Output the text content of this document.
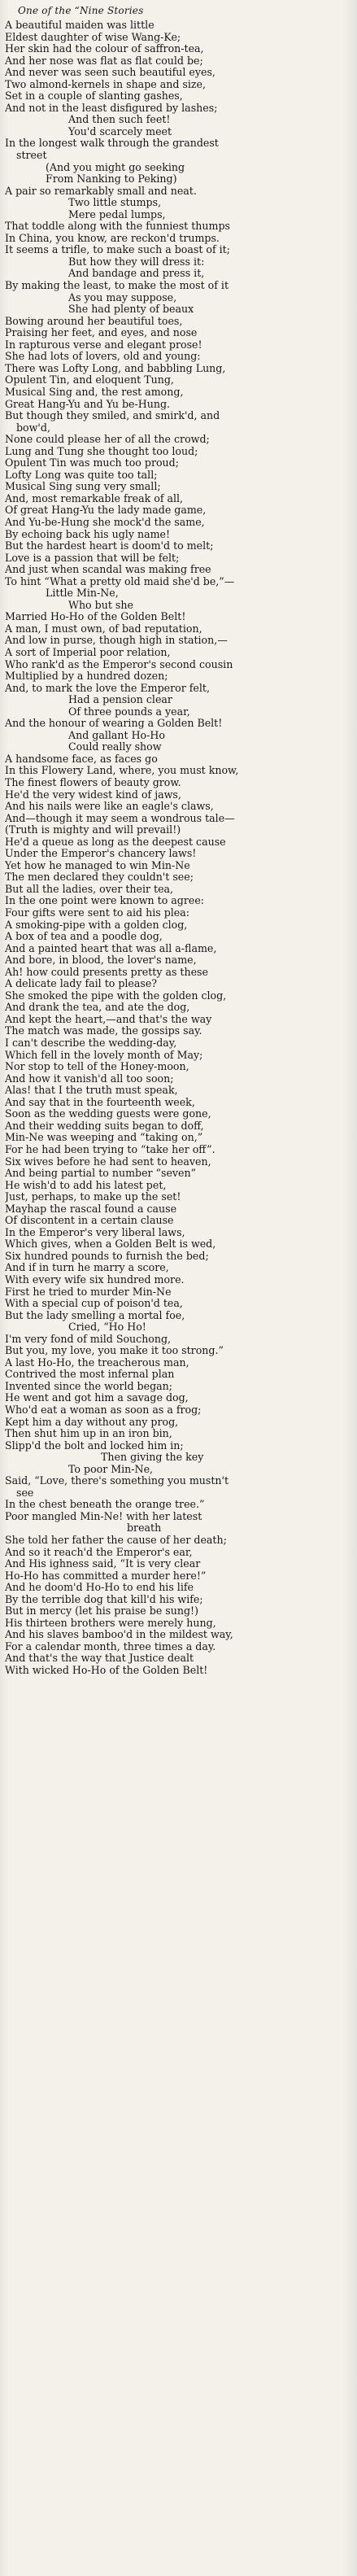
One of the “Nine Stories
A beautiful maiden was little
Eldest daughter of wise Wang-Ke;
Her skin had the colour of saffron-tea,
And her nose was flat as flat could be;
And never was seen such beautiful eyes,
Two almond-kernels in shape and size,
Set in a couple of slanting gashes,
And not in the least disfigured by lashes;
And then such feet!
You'd scarcely meet
In the longest walk through the grandest
street
(And you might go seeking
From Nanking to Peking)
A pair so remarkably small and neat.
Two little stumps,
Mere pedal lumps,
That toddle along with the funniest thumps
In China, you know, are reckon'd trumps.
It seems a trifle, to make such a boast of it;
But how they will dress it:
And bandage and press it,
By making the least, to make the most of it
As you may suppose,
She had plenty of beaux
Bowing around her beautiful toes,
Praising her feet, and eyes, and nose
In rapturous verse and elegant prose!
She had lots of lovers, old and young:
There was Lofty Long, and babbling Lung,
Opulent Tin, and eloquent Tung,
Musical Sing and, the rest among,
Great Hang-Yu and Yu be-Hung.
But though they smiled, and smirk'd, and
bow'd,
None could please her of all the crowd;
Lung and Tung she thought too loud;
Opulent Tin was much too proud;
Lofty Long was quite too tall;
Musical Sing sung very small;
And, most remarkable freak of all,
Of great Hang-Yu the lady made game,
And Yu-be-Hung she mock'd the same,
By echoing back his ugly name!
But the hardest heart is doom'd to melt;
Love is a passion that will be felt;
And just when scandal was making free
To hint “What a pretty old maid she'd be,”—
Little Min-Ne,
Who but she
Married Ho-Ho of the Golden Belt!
A man, I must own, of bad reputation,
And low in purse, though high in station,—
A sort of Imperial poor relation,
Who rank'd as the Emperor's second cousin
Multiplied by a hundred dozen;
And, to mark the love the Emperor felt,
Had a pension clear
Of three pounds a year,
And the honour of wearing a Golden Belt!
And gallant Ho-Ho
Could really show
A handsome face, as faces go
In this Flowery Land, where, you must know,
The finest flowers of beauty grow.
He'd the very widest kind of jaws,
And his nails were like an eagle's claws,
And—though it may seem a wondrous tale—
(Truth is mighty and will prevail!)
He'd a queue as long as the deepest cause
Under the Emperor's chancery laws!
Yet how he managed to win Min-Ne
The men declared they couldn't see;
But all the ladies, over their tea,
In the one point were known to agree:
Four gifts were sent to aid his plea:
A smoking-pipe with a golden clog,
A box of tea and a poodle dog,
And a painted heart that was all a-flame,
And bore, in blood, the lover's name,
Ah! how could presents pretty as these
A delicate lady fail to please?
She smoked the pipe with the golden clog,
And drank the tea, and ate the dog,
And kept the heart,—and that's the way
The match was made, the gossips say.
I can't describe the wedding-day,
Which fell in the lovely month of May;
Nor stop to tell of the Honey-moon,
And how it vanish'd all too soon;
Alas! that I the truth must speak,
And say that in the fourteenth week,
Soon as the wedding guests were gone,
And their wedding suits began to doff,
Min-Ne was weeping and “taking on,”
For he had been trying to “take her off”.
Six wives before he had sent to heaven,
And being partial to number “seven”
He wish'd to add his latest pet,
Just, perhaps, to make up the set!
Mayhap the rascal found a cause
Of discontent in a certain clause
In the Emperor's very liberal laws,
Which gives, when a Golden Belt is wed,
Six hundred pounds to furnish the bed;
And if in turn he marry a score,
With every wife six hundred more.
First he tried to murder Min-Ne
With a special cup of poison'd tea,
But the lady smelling a mortal foe,
Cried, “Ho Ho!
I'm very fond of mild Souchong,
But you, my love, you make it too strong.”
A last Ho-Ho, the treacherous man,
Contrived the most infernal plan
Invented since the world began;
He went and got him a savage dog,
Who'd eat a woman as soon as a frog;
Kept him a day without any prog,
Then shut him up in an iron bin,
Slipp'd the bolt and locked him in;
Then giving the key
To poor Min-Ne,
Said, “Love, there's something you mustn't
see
In the chest beneath the orange tree.”
Poor mangled Min-Ne! with her latest
breath
She told her father the cause of her death;
And so it reach'd the Emperor's ear,
And His ighness said, “It is very clear
Ho-Ho has committed a murder here!”
And he doom'd Ho-Ho to end his life
By the terrible dog that kill'd his wife;
But in mercy (let his praise be sung!)
His thirteen brothers were merely hung,
And his slaves bamboo'd in the mildest way,
For a calendar month, three times a day.
And that's the way that Justice dealt
With wicked Ho-Ho of the Golden Belt!
